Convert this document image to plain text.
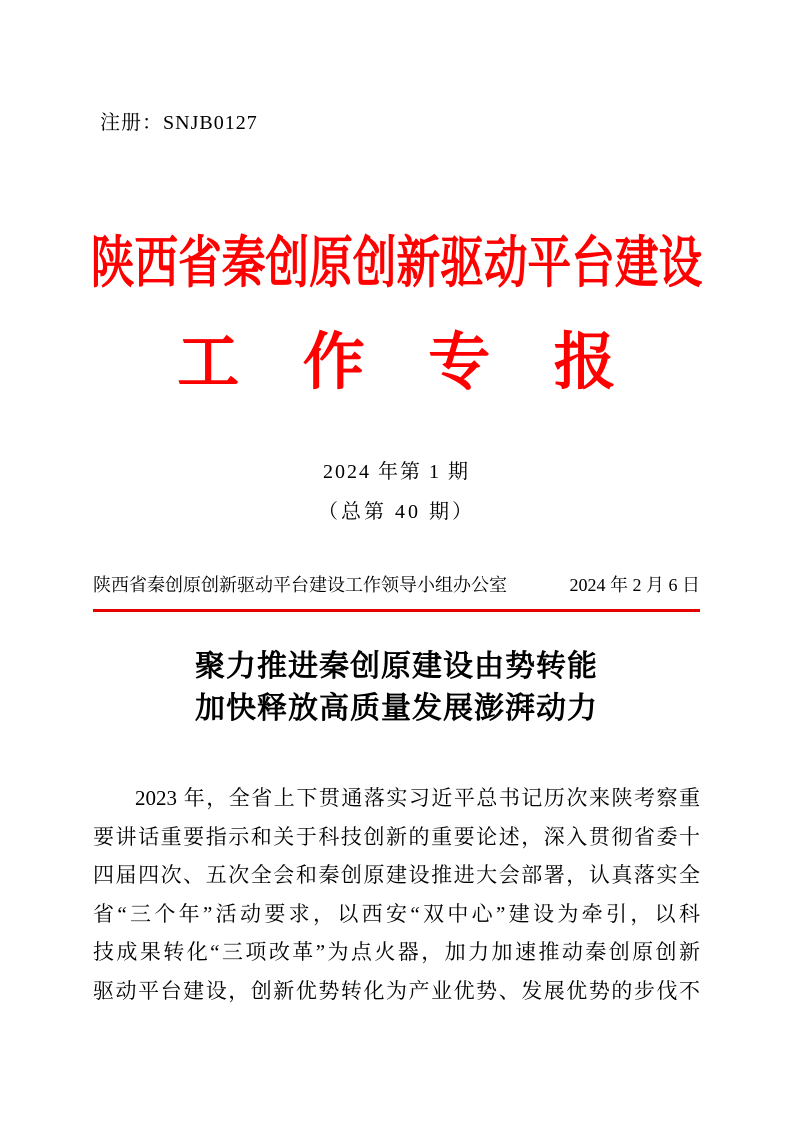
注册：SNJB0127
陕西省秦创原创新驱动平台建设
工 作 专 报
2024 年第 1 期
（总第 40 期）
陕西省秦创原创新驱动平台建设工作领导小组办公室	2024 年 2 月 6 日
聚力推进秦创原建设由势转能
加快释放高质量发展澎湃动力
2023 年，全省上下贯通落实习近平总书记历次来陕考察重
要讲话重要指示和关于科技创新的重要论述，深入贯彻省委十
四届四次、五次全会和秦创原建设推进大会部署，认真落实全
省“三个年”活动要求，以西安“双中心”建设为牵引，以科
技成果转化“三项改革”为点火器，加力加速推动秦创原创新
驱动平台建设，创新优势转化为产业优势、发展优势的步伐不
